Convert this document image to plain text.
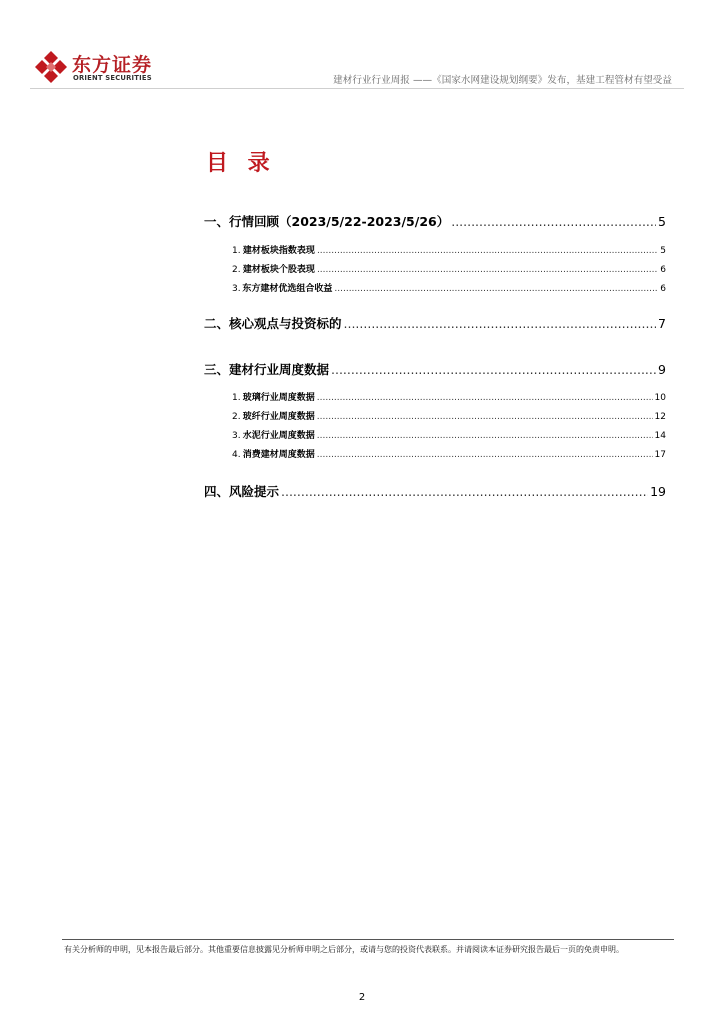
东方证券
ORIENT SECURITIES	建材行业行业周报 ——《国家水网建设规划纲要》发布，基建工程管材有望受益
目 录
一、行情回顾（2023/5/22-2023/5/26） .....	5
1. 建材板块指数表现 .....	5
2. 建材板块个股表现 .....	6
3. 东方建材优选组合收益 .....	6
二、核心观点与投资标的 .....	7
三、建材行业周度数据 .....	9
1. 玻璃行业周度数据 .....	10
2. 玻纤行业周度数据 .....	12
3. 水泥行业周度数据 .....	14
4. 消费建材周度数据 .....	17
四、风险提示 .....	19
有关分析师的申明，见本报告最后部分。其他重要信息披露见分析师申明之后部分，或请与您的投资代表联系。并请阅读本证券研究报告最后一页的免责申明。
2
